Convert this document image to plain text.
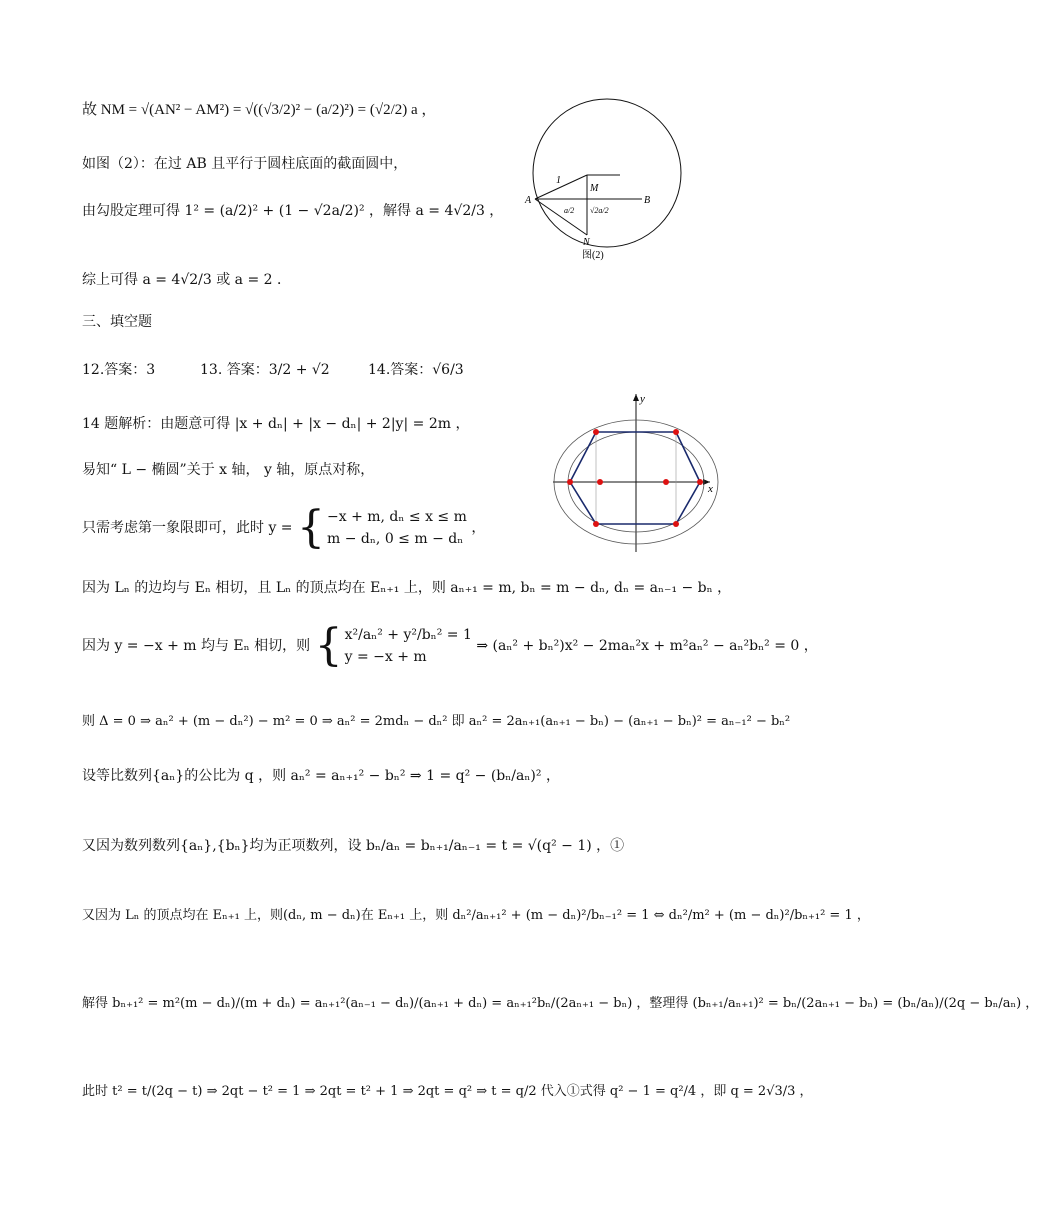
故 NM = √(AN² − AM²) = √((√3/2)² − (a/2)²) = (√2/2) a ，
如图（2）：在过 AB 且平行于圆柱底面的截面圆中，
由勾股定理可得 1² = (a/2)² + (1 − √2a/2)² ，解得 a = 4√2/3 ，
综上可得 a = 4√2/3 或 a = 2 ．
三、填空题
12.答案：3	13. 答案：3/2 + √2	14.答案：√6/3
14 题解析：由题意可得 |x + dₙ| + |x − dₙ| + 2|y| = 2m ，
易知“ L − 椭圆”关于 x 轴， y 轴，原点对称，
只需考虑第一象限即可，此时 y = { −x + m, dₙ ≤ x ≤ m
m − dₙ, 0 ≤ m − dₙ
，
因为 Lₙ 的边均与 Eₙ 相切，且 Lₙ 的顶点均在 Eₙ₊₁ 上，则 aₙ₊₁ = m, bₙ = m − dₙ, dₙ = aₙ₋₁ − bₙ ，
因为 y = −x + m 均与 Eₙ 相切，则 { x²/aₙ² + y²/bₙ² = 1
y = −x + m
⇒ (aₙ² + bₙ²)x² − 2maₙ²x + m²aₙ² − aₙ²bₙ² = 0 ，
则 Δ = 0 ⇒ aₙ² + (m − dₙ²) − m² = 0 ⇒ aₙ² = 2mdₙ − dₙ² 即 aₙ² = 2aₙ₊₁(aₙ₊₁ − bₙ) − (aₙ₊₁ − bₙ)² = aₙ₋₁² − bₙ²
设等比数列{aₙ}的公比为 q ，则 aₙ² = aₙ₊₁² − bₙ² ⇒ 1 = q² − (bₙ/aₙ)² ，
又因为数列数列{aₙ},{bₙ}均为正项数列，设 bₙ/aₙ = bₙ₊₁/aₙ₋₁ = t = √(q² − 1) ，①
又因为 Lₙ 的顶点均在 Eₙ₊₁ 上，则(dₙ, m − dₙ)在 Eₙ₊₁ 上，则 dₙ²/aₙ₊₁² + (m − dₙ)²/bₙ₋₁² = 1 ⇔ dₙ²/m² + (m − dₙ)²/bₙ₊₁² = 1 ，
解得 bₙ₊₁² = m²(m − dₙ)/(m + dₙ) = aₙ₊₁²(aₙ₋₁ − dₙ)/(aₙ₊₁ + dₙ) = aₙ₊₁²bₙ/(2aₙ₊₁ − bₙ) ，整理得 (bₙ₊₁/aₙ₊₁)² = bₙ/(2aₙ₊₁ − bₙ) = (bₙ/aₙ)/(2q − bₙ/aₙ) ，
此时 t² = t/(2q − t) ⇒ 2qt − t² = 1 ⇒ 2qt = t² + 1 ⇒ 2qt = q² ⇒ t = q/2 代入①式得 q² − 1 = q²/4 ，即 q = 2√3/3 ，
A	B
M
N
1
a/2 √2a/2
图(2)
x
y
